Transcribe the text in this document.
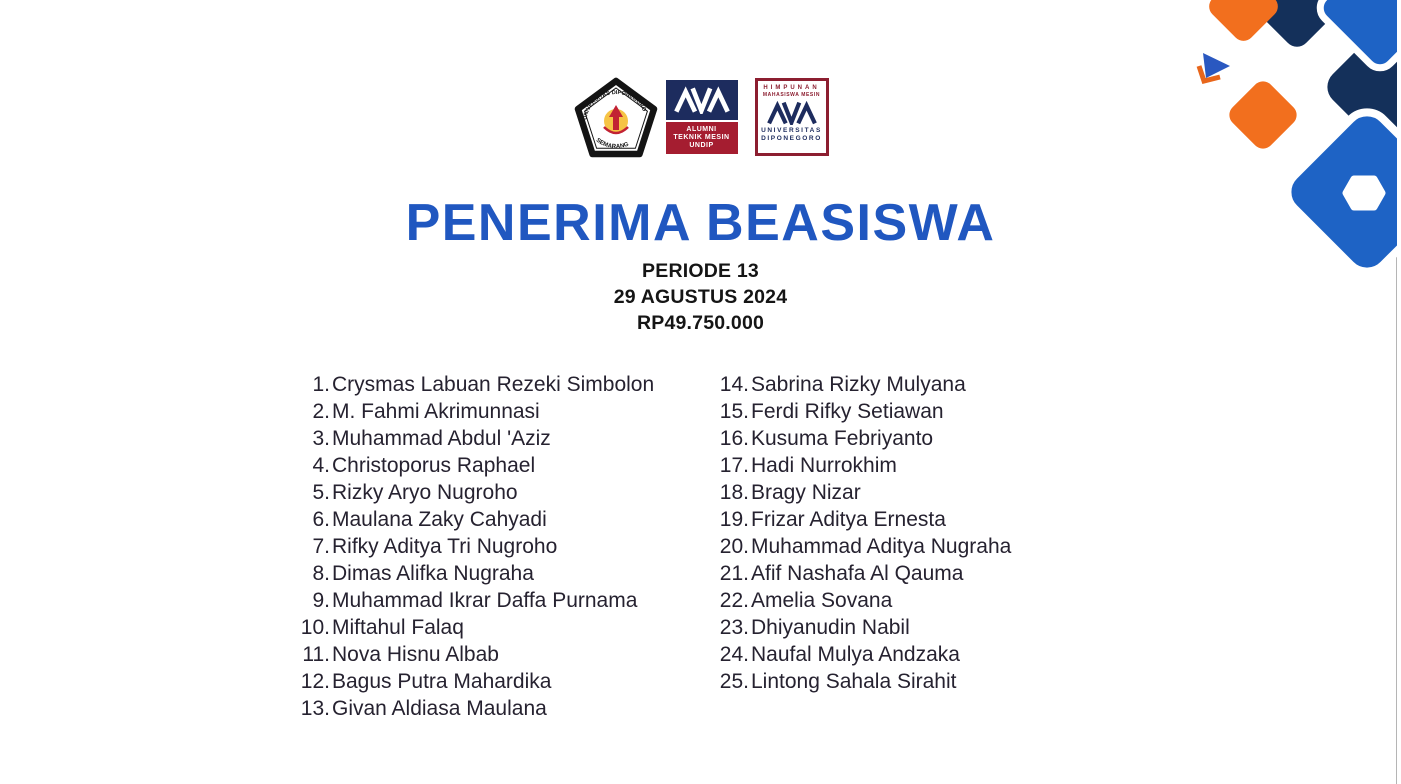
UNIVERSITAS DIPONEGORO
SEMARANG
ALUMNI
TEKNIK MESIN
UNDIP
HIMPUNAN
MAHASISWA MESIN
UNIVERSITAS
DIPONEGORO
PENERIMA BEASISWA
PERIODE 13
29 AGUSTUS 2024
RP49.750.000
1. Crysmas Labuan Rezeki Simbolon
2. M. Fahmi Akrimunnasi
3. Muhammad Abdul 'Aziz
4. Christoporus Raphael
5. Rizky Aryo Nugroho
6. Maulana Zaky Cahyadi
7. Rifky Aditya Tri Nugroho
8. Dimas Alifka Nugraha
9. Muhammad Ikrar Daffa Purnama
10. Miftahul Falaq
11. Nova Hisnu Albab
12. Bagus Putra Mahardika
13. Givan Aldiasa Maulana
14. Sabrina Rizky Mulyana
15. Ferdi Rifky Setiawan
16. Kusuma Febriyanto
17. Hadi Nurrokhim
18. Bragy Nizar
19. Frizar Aditya Ernesta
20. Muhammad Aditya Nugraha
21. Afif Nashafa Al Qauma
22. Amelia Sovana
23. Dhiyanudin Nabil
24. Naufal Mulya Andzaka
25. Lintong Sahala Sirahit
